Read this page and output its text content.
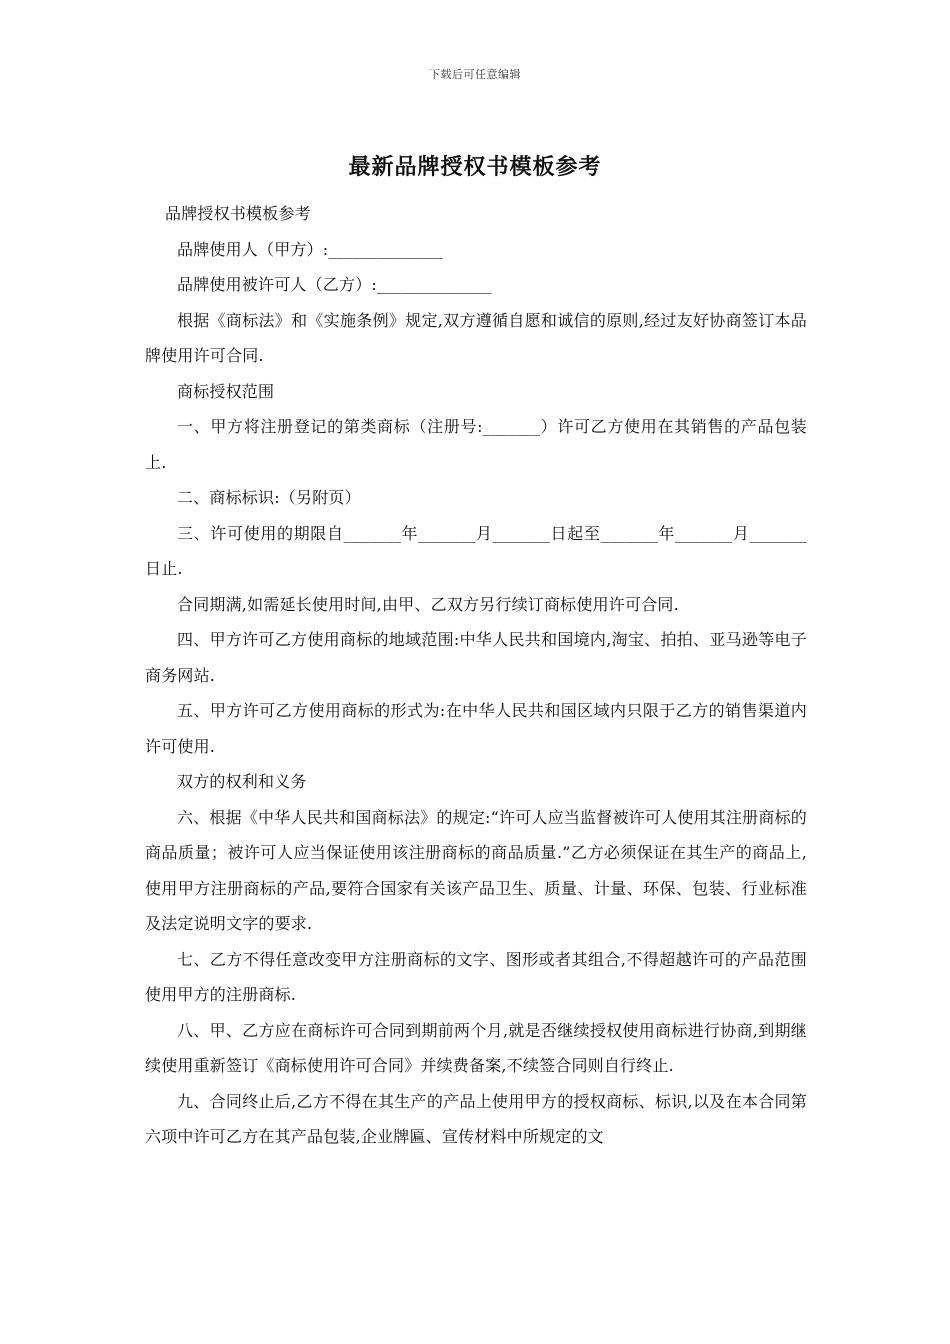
下载后可任意编辑
最新品牌授权书模板参考

品牌授权书模板参考

品牌使用人（甲方）:______________

品牌使用被许可人（乙方）:______________

根据《商标法》和《实施条例》规定,双方遵循自愿和诚信的原则,经过友好协商签订本品牌使用许可合同.

商标授权范围

一、甲方将注册登记的第类商标（注册号:_______）许可乙方使用在其销售的产品包装上.

二、商标标识:（另附页）

三、许可使用的期限自_______年_______月_______日起至_______年_______月_______日止.

合同期满,如需延长使用时间,由甲、乙双方另行续订商标使用许可合同.

四、甲方许可乙方使用商标的地域范围:中华人民共和国境内,淘宝、拍拍、亚马逊等电子商务网站.

五、甲方许可乙方使用商标的形式为:在中华人民共和国区域内只限于乙方的销售渠道内许可使用.

双方的权利和义务

六、根据《中华人民共和国商标法》的规定:“许可人应当监督被许可人使用其注册商标的商品质量；被许可人应当保证使用该注册商标的商品质量.”乙方必须保证在其生产的商品上,使用甲方注册商标的产品,要符合国家有关该产品卫生、质量、计量、环保、包装、行业标准及法定说明文字的要求.

七、乙方不得任意改变甲方注册商标的文字、图形或者其组合,不得超越许可的产品范围使用甲方的注册商标.

八、甲、乙方应在商标许可合同到期前两个月,就是否继续授权使用商标进行协商,到期继续使用重新签订《商标使用许可合同》并续费备案,不续签合同则自行终止.

九、合同终止后,乙方不得在其生产的产品上使用甲方的授权商标、标识,以及在本合同第六项中许可乙方在其产品包装,企业牌匾、宣传材料中所规定的文
